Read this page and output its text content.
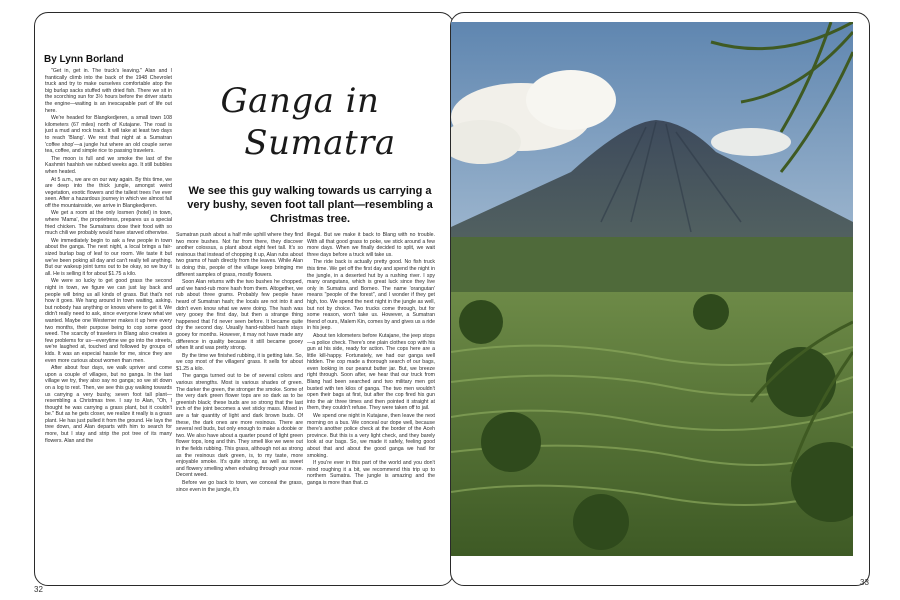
By Lynn Borland
Ganga in
Sumatra
We see this guy walking towards us carrying a very bushy, seven foot tall plant—resembling a Christmas tree.

"Get in, get in. The truck's leaving." Alan and I frantically climb into the back of the 1948 Chevrolet truck and try to make ourselves comfortable atop the big burlap sacks stuffed with dried fish. There we sit in the scorching sun for 3½ hours before the driver starts the engine—waiting is an inescapable part of life out here.

We're headed for Blangkedjeren, a small town 108 kilometers (67 miles) north of Kutajane. The road is just a mud and rock track. It will take at least two days to reach 'Blang'. We rest that night at a Sumatran 'coffee shop'—a jungle hut where an old couple serve tea, coffee, and simple rice to passing travelers.

The moon is full and we smoke the last of the Kashmiri hashish we rubbed weeks ago. It still bubbles when heated.

At 5 a.m., we are on our way again. By this time, we are deep into the thick jungle, amongst weird vegetation, exotic flowers and the tallest trees I've ever seen. After a hazardous journey in which we almost fall off the mountainside, we arrive in Blangkedjeren.

We get a room at the only losmen (hotel) in town, where 'Mama', the proprietress, prepares us a special fried chicken. The Sumatrans dose their food with so much chili we probably would have starved otherwise.

We immediately begin to ask a few people in town about the ganga. The next night, a local brings a fair-sized burlap bag of leaf to our room. We taste it but we've been poking all day and can't really tell anything. But our wakeup joint turns out to be okay, so we buy it all. He is selling it for about $1.75 a kilo.

We were so lucky to get good grass the second night in town, we figure we can just lay back and people will bring us all kinds of grass. But that's not how it goes. We hang around in town waiting, asking, but nobody has anything or knows where to get it. We didn't really need to ask, since everyone knew what we wanted. Maybe one Westerner makes it up here every two months, their purpose being to cop some good weed. The scarcity of travelers in Blang also creates a few problems for us—everytime we go into the streets, we're laughed at, touched and followed by groups of kids. It was an especial hassle for me, since they are even more curious about women than men.

After about four days, we walk upriver and come upon a couple of villages, but no ganga. In the last village we try, they also say no ganga; so we sit down on a log to rest. Then, we see this guy walking towards us carrying a very bushy, seven foot tall plant—resembling a Christmas tree. I say to Alan, "Oh, I thought he was carrying a grass plant, but it couldn't be." But as he gets closer, we realize it really is a grass plant. He has just pulled it from the ground. He lays the tree down, and Alan departs with him to search for more, but I stay and strip the pot tree of its many flowers. Alan and the

Sumatran push about a half mile uphill where they find two more bushes. Not far from there, they discover another colossus, a plant about eight feet tall. It's so resinous that instead of chopping it up, Alan rubs about two grams of hash directly from the leaves. While Alan is doing this, people of the village keep bringing me different samples of grass, mostly flowers.

Soon Alan returns with the two bushes he chopped, and we hand-rub more hash from them. Altogether, we rub about three grams. Probably few people have heard of Sumatran hash; the locals are not into it and didn't even know what we were doing. The hash was very gooey the first day, but then a strange thing happened that I'd never seen before. It became quite dry the second day. Usually hand-rubbed hash stays gooey for months. However, it may not have made any difference in quality because it still became gooey when lit and was pretty strong.

By the time we finished rubbing, it is getting late. So, we cop most of the villagers' grass. It sells for about $1.25 a kilo.

The ganga turned out to be of several colors and various strengths. Most is various shades of green. The darker the green, the stronger the smoke. Some of the very dark green flower tops are so dark as to be greenish black; these buds are so strong that the last inch of the joint becomes a wet sticky mass. Mixed in are a fair quantity of light and dark brown buds. Of these, the dark ones are more resinous. There are several red buds, but only enough to make a doobie or two. We also have about a quarter pound of light green flower tops, long and thin. They smell like we were out in the fields rubbing. This grass, although not as strong as the resinous dark green, is, to my taste, more enjoyable smoke. It's quite strong, as well as sweet and flowery smelling when exhaling through your nose. Decent weed.

Before we go back to town, we conceal the grass, since even in the jungle, it's

illegal. But we make it back to Blang with no trouble. With all that good grass to poke, we stick around a few more days. When we finally decided to split, we wait three days before a truck will take us.

The ride back is actually pretty good. No fish truck this time. We get off the first day and spend the night in the jungle, in a deserted hut by a rushing river. I spy many orangutans, which is great luck since they live only in Sumatra and Borneo. The name 'orangutan' means "people of the forest", and I wonder if they get high, too. We spend the next night in the jungle as well, but not by choice. Two trucks come through, but for some reason, won't take us. However, a Sumatran friend of ours, Malem Kin, comes by and gives us a ride in his jeep.

About ten kilometers before Kutajane, the jeep stops—a police check. There's one plain clothes cop with his gun at his side, ready for action. The cops here are a little kill-happy. Fortunately, we had our ganga well hidden. The cop made a thorough search of our bags, even looking in our peanut butter jar. But, we breeze right through. Soon after, we hear that our truck from Blang had been searched and two military men got busted with ten kilos of ganga. The two men wouldn't open their bags at first, but after the cop fired his gun into the air three times and then pointed it straight at them, they couldn't refuse. They were taken off to jail.

We spend one night in Kutajane, then leave the next morning on a bus. We conceal our dope well, because there's another police check at the border of the Aceh province. But this is a very light check, and they barely look at our bags. So, we made it safely, feeling good about that and about the good ganga we had for smoking.

If you're ever in this part of the world and you don't mind roughing it a bit, we recommend this trip up to northern Sumatra. The jungle is amazing and the ganga is more than that. ◘

32
33
